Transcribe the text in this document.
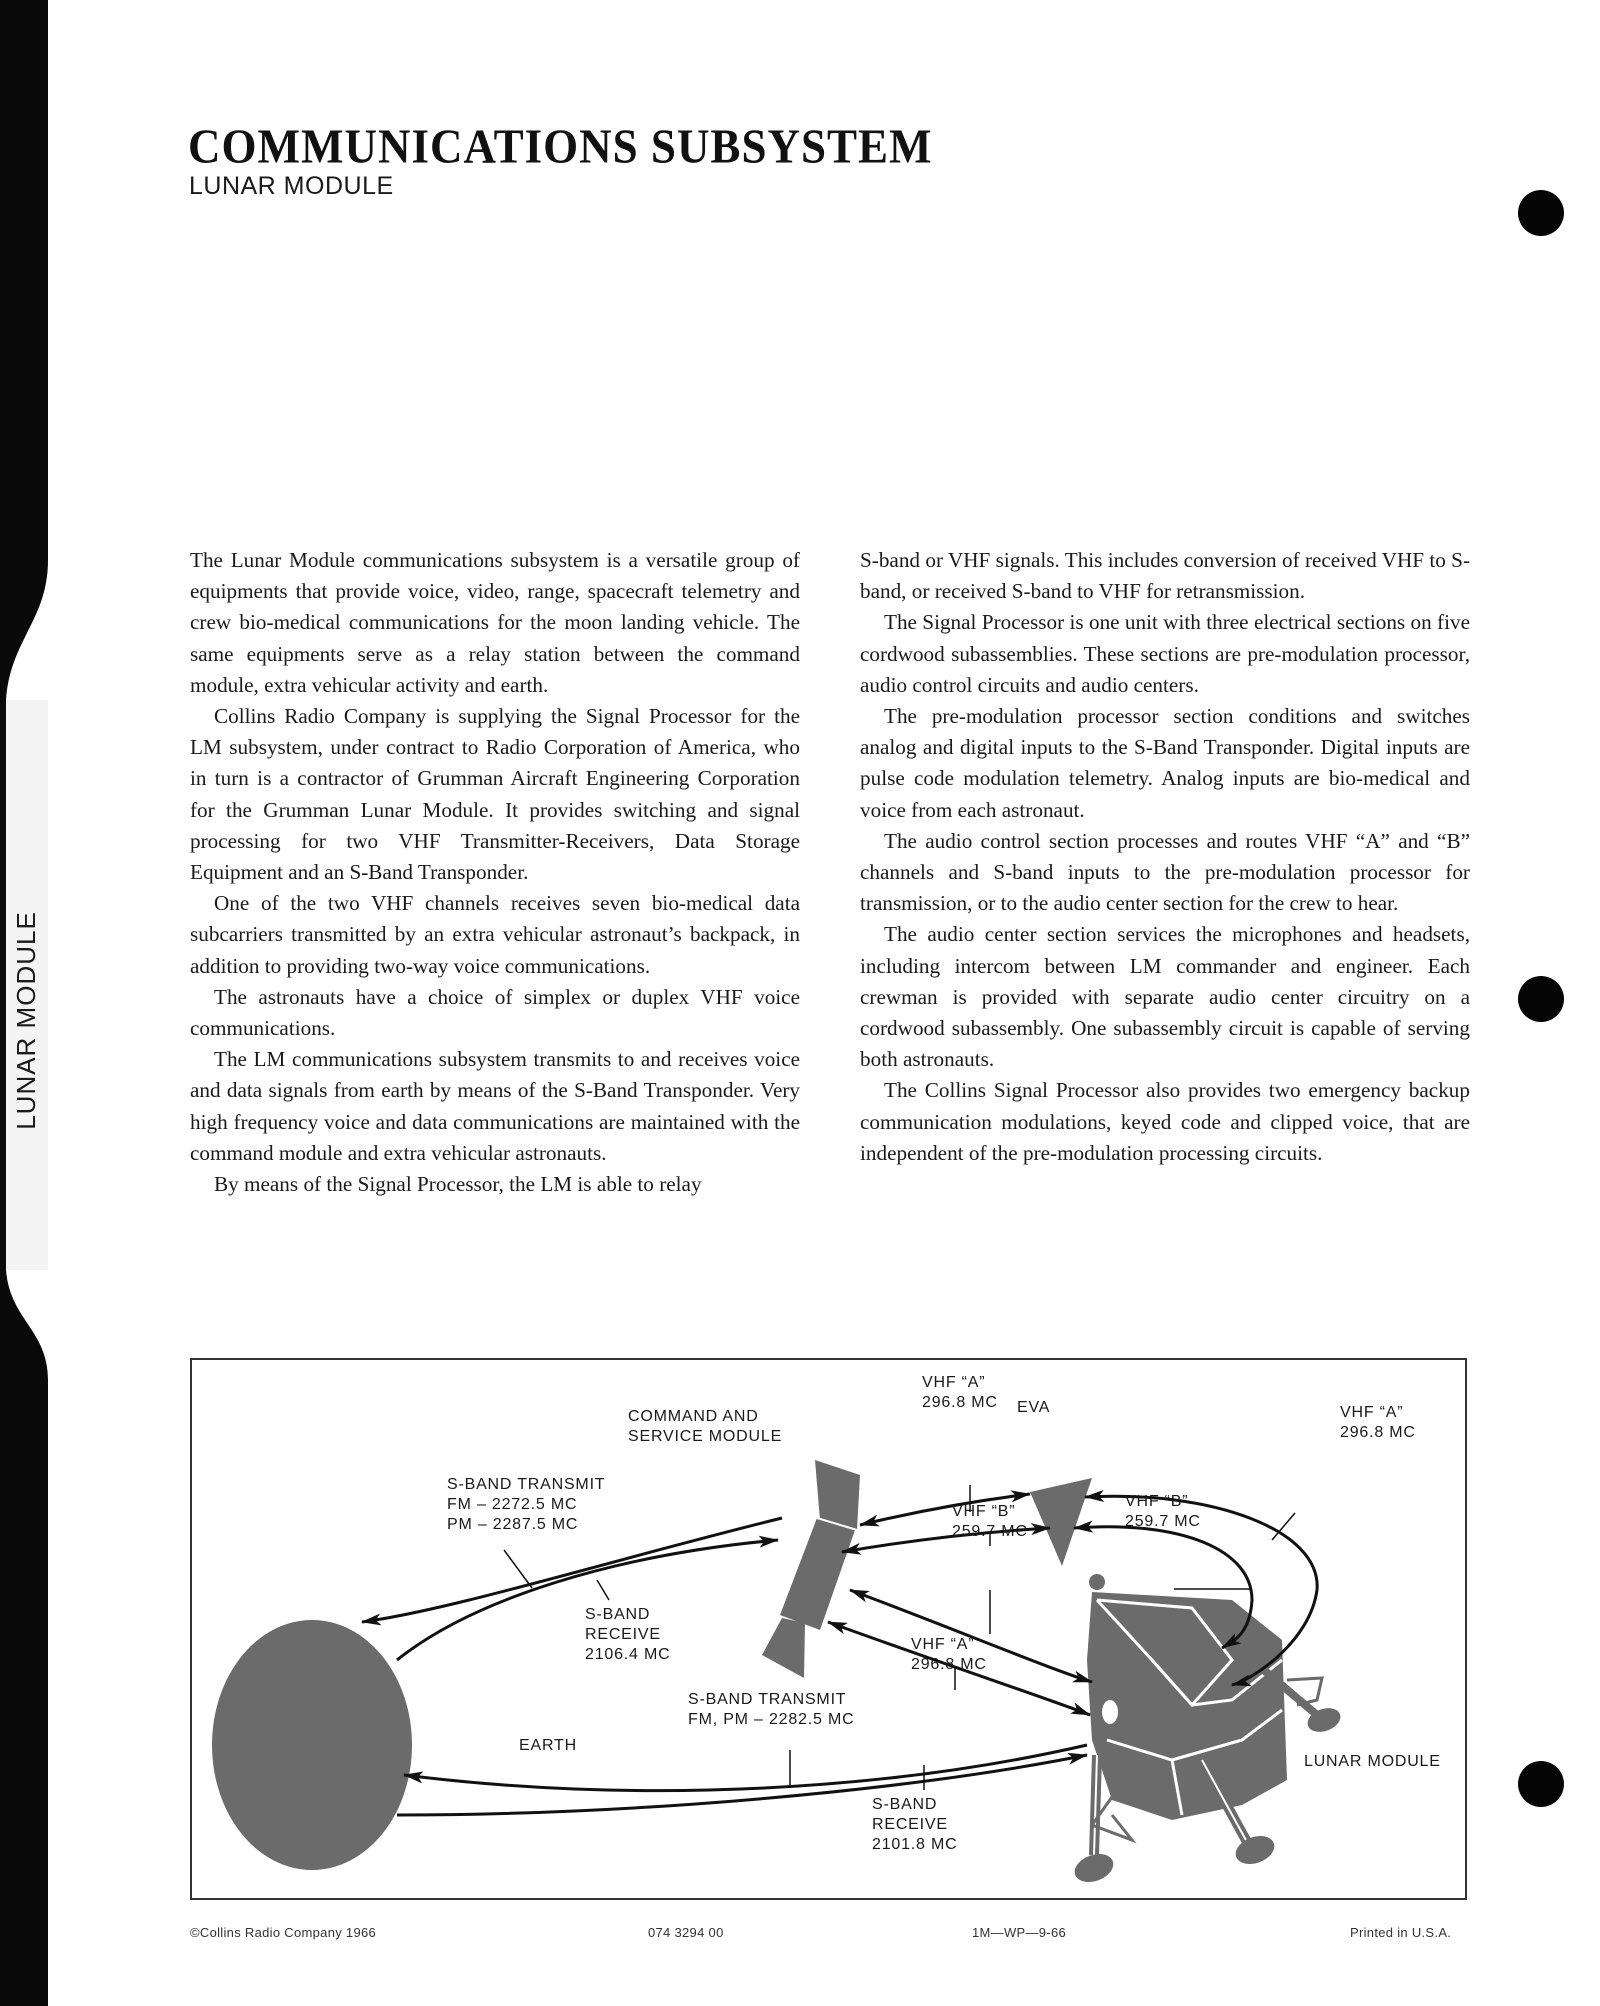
LUNAR MODULE
COMMUNICATIONS SUBSYSTEM
LUNAR MODULE

The Lunar Module communications subsystem is a versatile group of equipments that provide voice, video, range, spacecraft telemetry and crew bio-medical communications for the moon landing vehicle. The same equipments serve as a relay station between the command module, extra vehicular activity and earth.

Collins Radio Company is supplying the Signal Processor for the LM subsystem, under contract to Radio Corporation of America, who in turn is a contractor of Grumman Aircraft Engineering Corporation for the Grumman Lunar Module. It provides switching and signal processing for two VHF Transmitter-Receivers, Data Storage Equipment and an S-Band Transponder.

One of the two VHF channels receives seven bio-medical data subcarriers transmitted by an extra vehicular astronaut’s backpack, in addition to providing two-way voice communications.

The astronauts have a choice of simplex or duplex VHF voice communications.

The LM communications subsystem transmits to and receives voice and data signals from earth by means of the S-Band Transponder. Very high frequency voice and data communications are maintained with the command module and extra vehicular astronauts.

By means of the Signal Processor, the LM is able to relay

S-band or VHF signals. This includes conversion of received VHF to S-band, or received S-band to VHF for retransmission.

The Signal Processor is one unit with three electrical sections on five cordwood subassemblies. These sections are pre-modulation processor, audio control circuits and audio centers.

The pre-modulation processor section conditions and switches analog and digital inputs to the S-Band Transponder. Digital inputs are pulse code modulation telemetry. Analog inputs are bio-medical and voice from each astronaut.

The audio control section processes and routes VHF “A” and “B” channels and S-band inputs to the pre-modulation processor for transmission, or to the audio center section for the crew to hear.

The audio center section services the microphones and headsets, including intercom between LM commander and engineer. Each crewman is provided with separate audio center circuitry on a cordwood subassembly. One subassembly circuit is capable of serving both astronauts.

The Collins Signal Processor also provides two emergency backup communication modulations, keyed code and clipped voice, that are independent of the pre-modulation processing circuits.

COMMAND AND
SERVICE MODULE
EVA
S-BAND TRANSMIT
FM – 2272.5 MC
PM – 2287.5 MC
S-BAND
RECEIVE
2106.4 MC
VHF “A”
296.8 MC
VHF “B”
259.7 MC
VHF “A”
296.8 MC
VHF “B”
259.7 MC
VHF “A”
296.8 MC
S-BAND TRANSMIT
FM, PM – 2282.5 MC
EARTH
S-BAND
RECEIVE
2101.8 MC
LUNAR MODULE
©Collins Radio Company 1966	074 3294 00	1M—WP—9-66	Printed in U.S.A.
